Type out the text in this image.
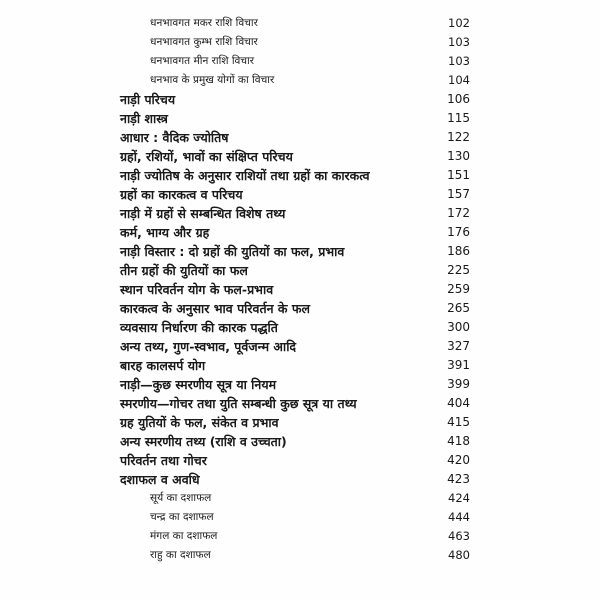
धनभावगत मकर राशि विचार	102
धनभावगत कुम्भ राशि विचार	103
धनभावगत मीन राशि विचार	103
धनभाव के प्रमुख योगों का विचार	104
नाड़ी परिचय	106
नाड़ी शास्त्र	115
आधार : वैदिक ज्योतिष	122
ग्रहों, रशियों, भावों का संक्षिप्त परिचय	130
नाड़ी ज्योतिष के अनुसार राशियों तथा ग्रहों का कारकत्व	151
ग्रहों का कारकत्व व परिचय	157
नाड़ी में ग्रहों से सम्बन्धित विशेष तथ्य	172
कर्म, भाग्य और ग्रह	176
नाड़ी विस्तार : दो ग्रहों की युतियों का फल, प्रभाव	186
तीन ग्रहों की युतियों का फल	225
स्थान परिवर्तन योग के फल-प्रभाव	259
कारकत्व के अनुसार भाव परिवर्तन के फल	265
व्यवसाय निर्धारण की कारक पद्धति	300
अन्य तथ्य, गुण-स्वभाव, पूर्वजन्म आदि	327
बारह कालसर्प योग	391
नाड़ी—कुछ स्मरणीय सूत्र या नियम	399
स्मरणीय—गोचर तथा युति सम्बन्धी कुछ सूत्र या तथ्य	404
ग्रह युतियों के फल, संकेत व प्रभाव	415
अन्य स्मरणीय तथ्य (राशि व उच्चता)	418
परिवर्तन तथा गोचर	420
दशाफल व अवधि	423
सूर्य का दशाफल	424
चन्द्र का दशाफल	444
मंगल का दशाफल	463
राहु का दशाफल	480
